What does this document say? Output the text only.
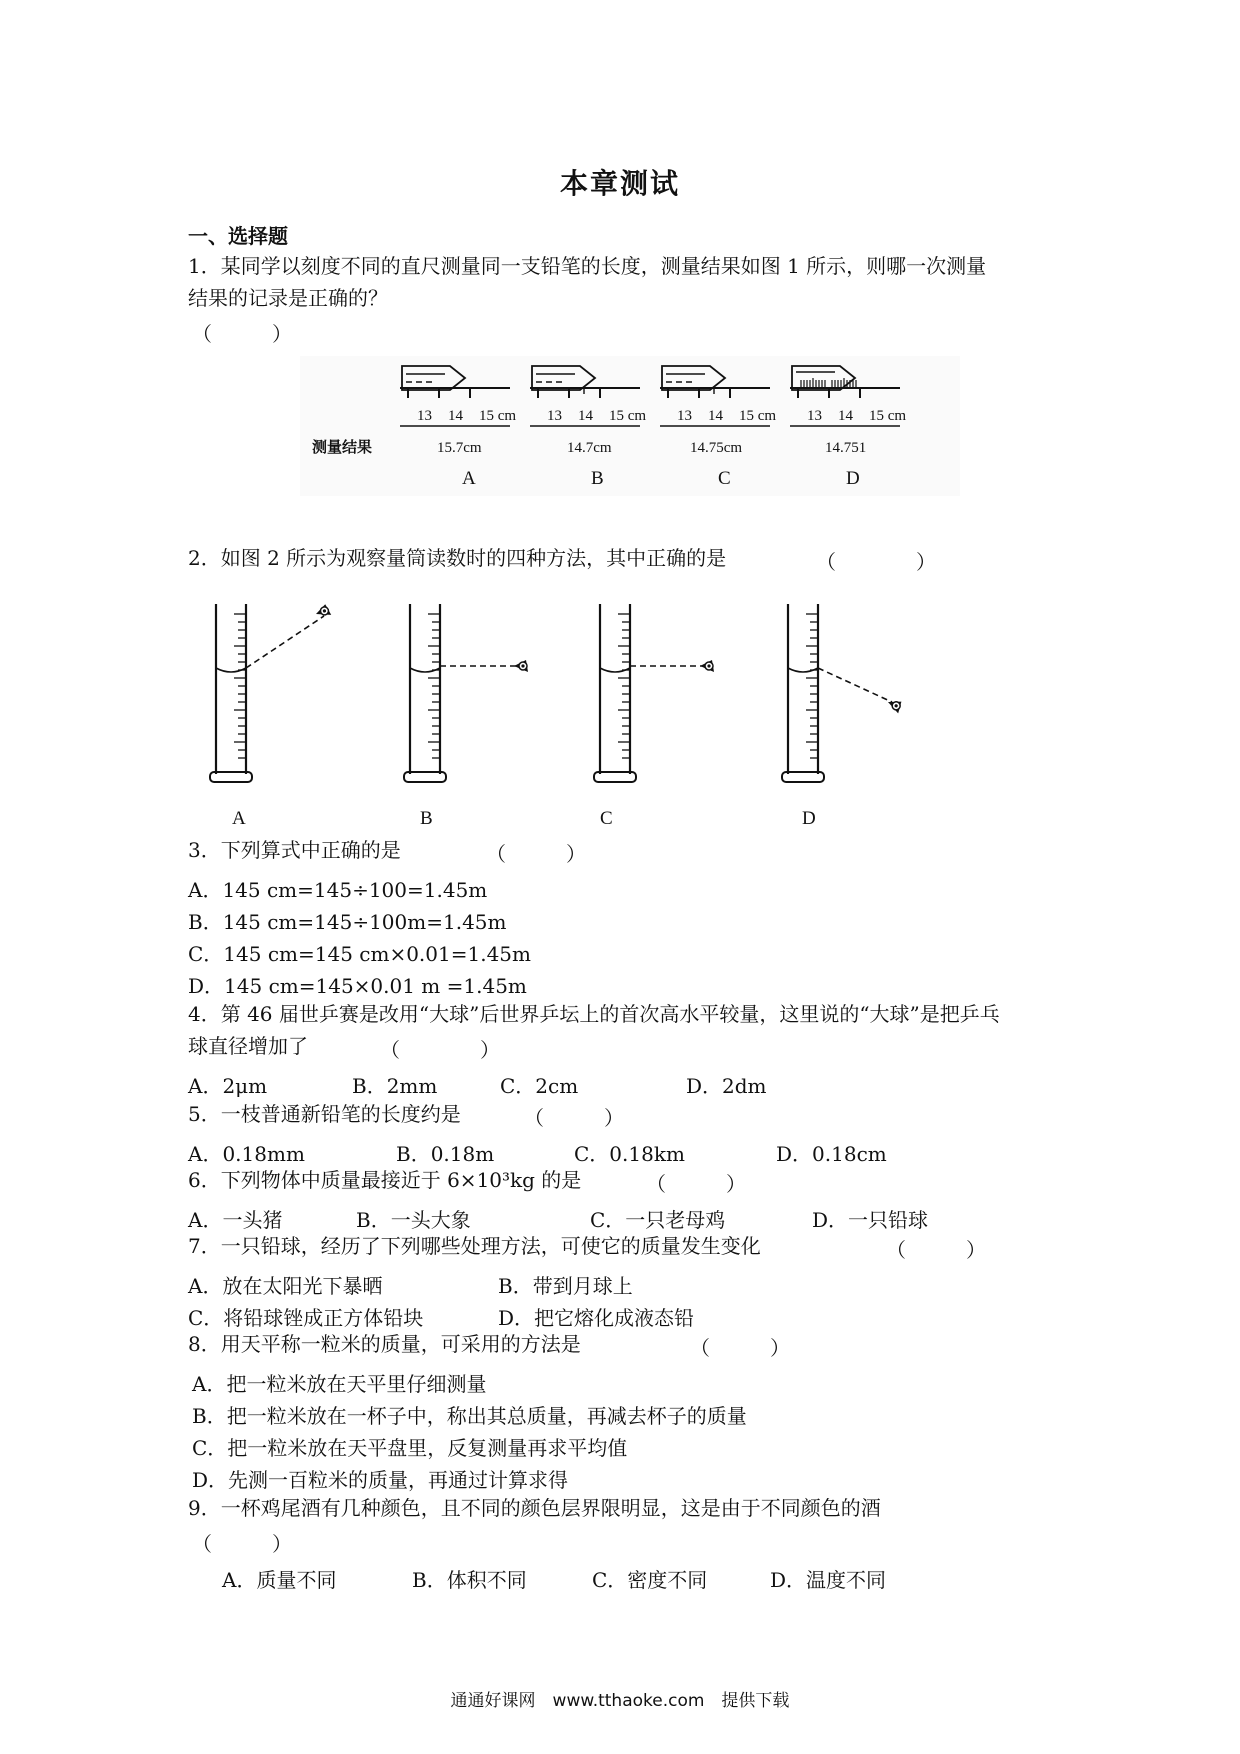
本章测试
一、选择题
1．某同学以刻度不同的直尺测量同一支铅笔的长度，测量结果如图 1 所示，则哪一次测量
结果的记录是正确的？
（　　　）
测量结果
13 14 15 cm 13 14 15 cm 13 14 15 cm 13 14 15 cm
15.7cm	14.7cm	14.75cm	14.751
A	B	C	D
2．如图 2 所示为观察量筒读数时的四种方法，其中正确的是	（　　　　）
A	B	C	D
3．下列算式中正确的是	（　　　）
A．145 cm=145÷100=1.45m
B．145 cm=145÷100m=1.45m
C．145 cm=145 cm×0.01=1.45m
D．145 cm=145×0.01 m =1.45m
4．第 46 届世乒赛是改用“大球”后世界乒坛上的首次高水平较量，这里说的“大球”是把乒乓
球直径增加了	（　　　　）
A．2μm	B．2mm	C．2cm	D．2dm
5．一枝普通新铅笔的长度约是	（　　　）
A．0.18mm	B．0.18m	C．0.18km	D．0.18cm
6．下列物体中质量最接近于 6×10³kg 的是	（　　　）
A．一头猪	B．一头大象	C．一只老母鸡	D．一只铅球
7．一只铅球，经历了下列哪些处理方法，可使它的质量发生变化	（　　　）
A．放在太阳光下暴晒	B．带到月球上
C．将铅球锉成正方体铅块	D．把它熔化成液态铅
8．用天平称一粒米的质量，可采用的方法是	（　　　）
A．把一粒米放在天平里仔细测量
B．把一粒米放在一杯子中，称出其总质量，再减去杯子的质量
C．把一粒米放在天平盘里，反复测量再求平均值
D．先测一百粒米的质量，再通过计算求得
9．一杯鸡尾酒有几种颜色，且不同的颜色层界限明显，这是由于不同颜色的酒
（　　　）
A．质量不同	B．体积不同	C．密度不同	D．温度不同
通通好课网　www.tthaoke.com　提供下载
